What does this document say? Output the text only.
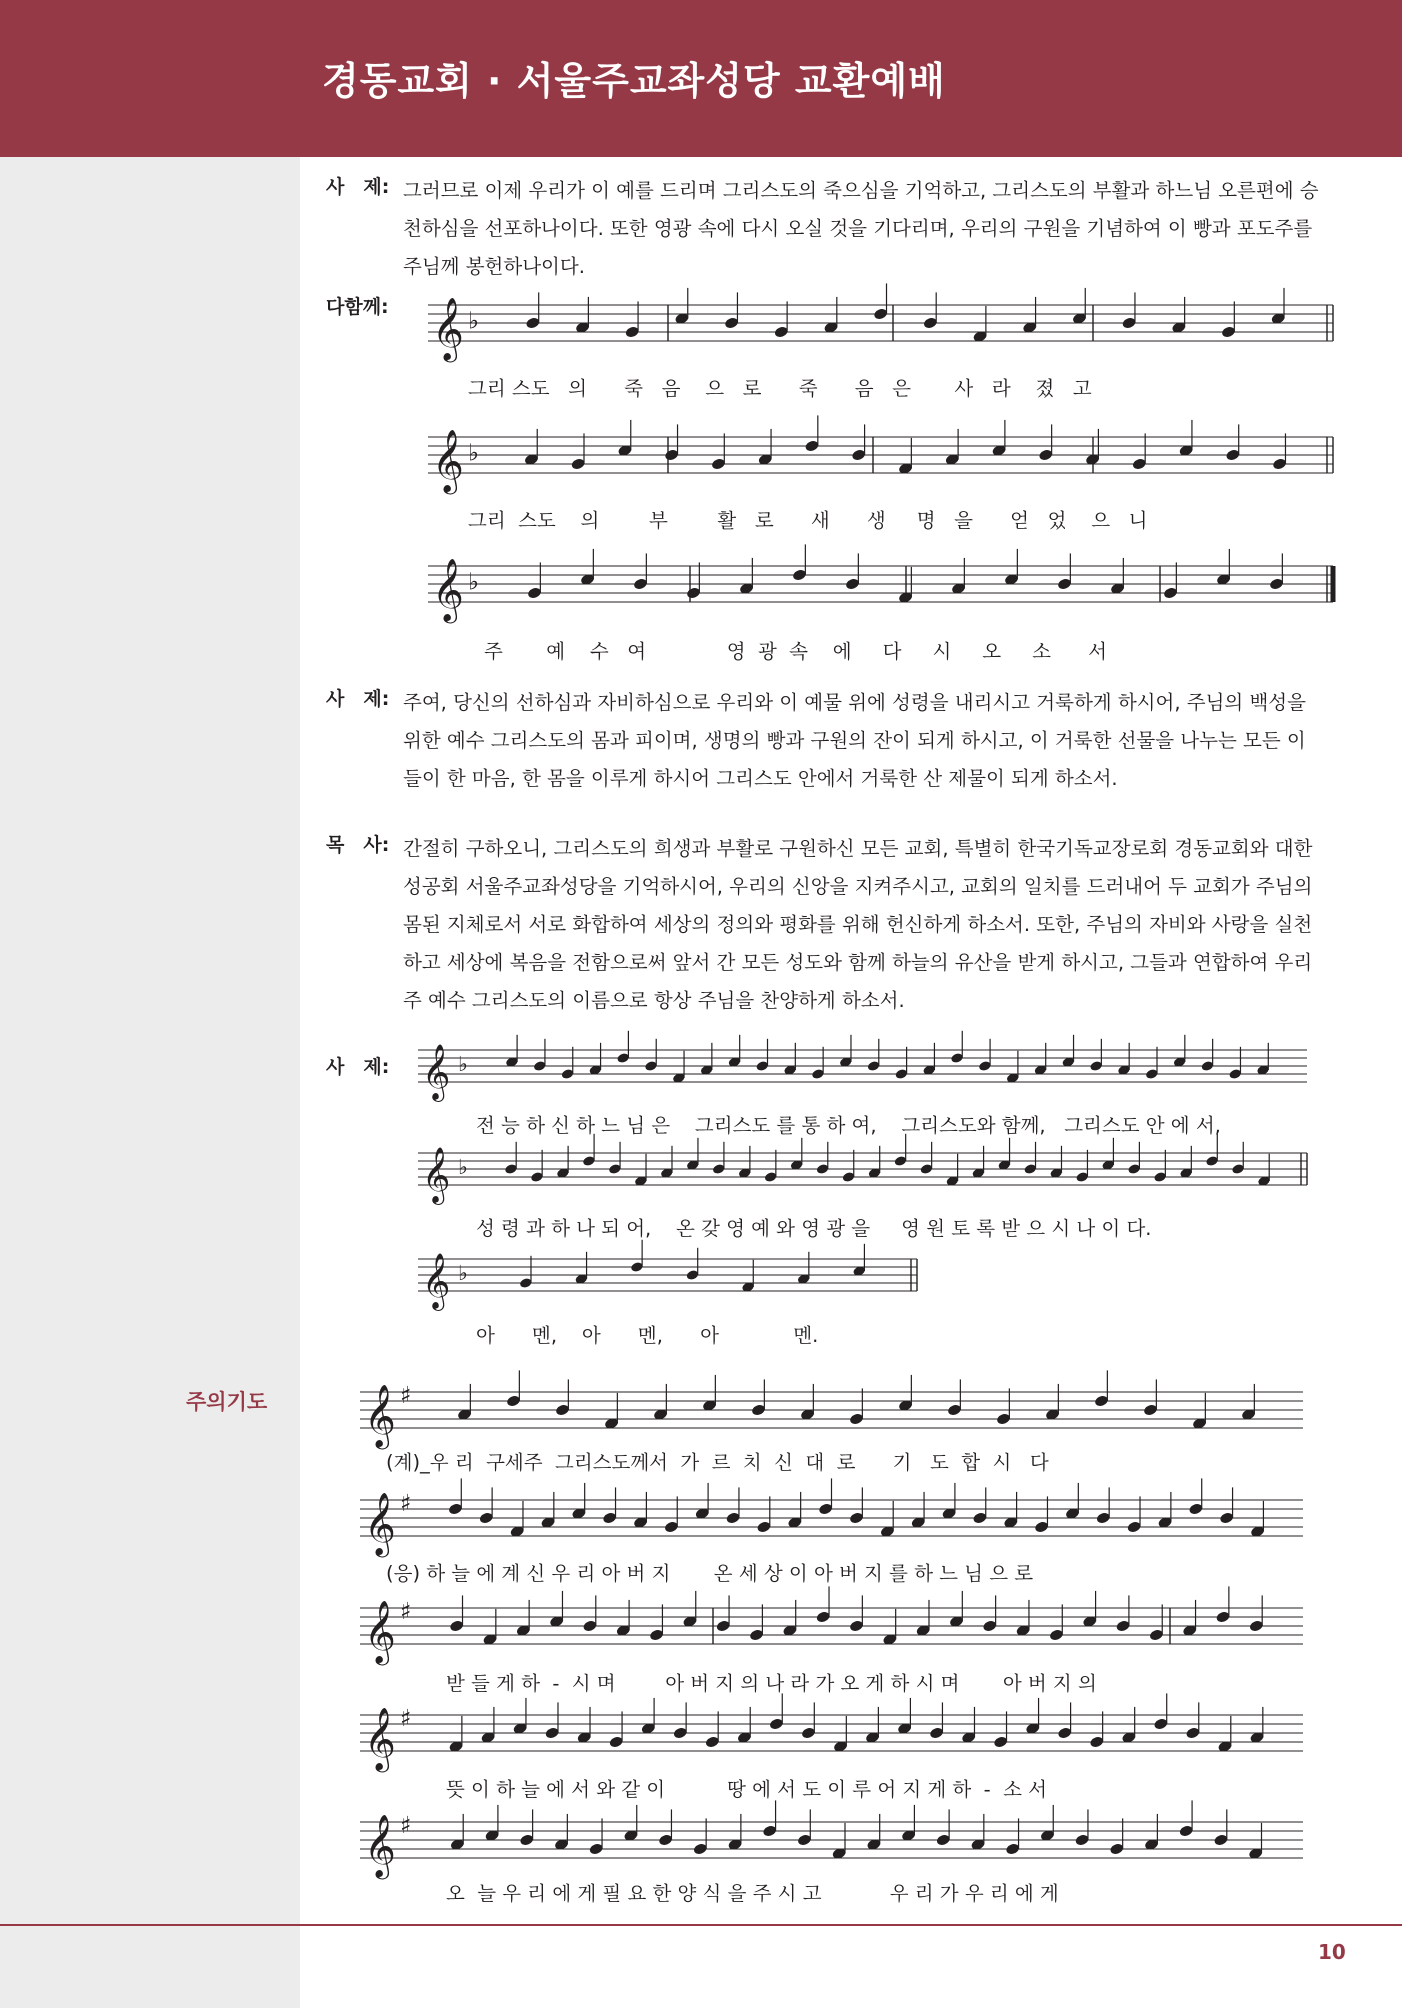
경동교회 · 서울주교좌성당 교환예배
주의기도
사　제: 그러므로 이제 우리가 이 예를 드리며 그리스도의 죽으심을 기억하고, 그리스도의 부활과 하느님 오른편에 승천하심을 선포하나이다. 또한 영광 속에 다시 오실 것을 기다리며, 우리의 구원을 기념하여 이 빵과 포도주를 주님께 봉헌하나이다.

다함께:
사　제: 주여, 당신의 선하심과 자비하심으로 우리와 이 예물 위에 성령을 내리시고 거룩하게 하시어, 주님의 백성을 위한 예수 그리스도의 몸과 피이며, 생명의 빵과 구원의 잔이 되게 하시고, 이 거룩한 선물을 나누는 모든 이들이 한 마음, 한 몸을 이루게 하시어 그리스도 안에서 거룩한 산 제물이 되게 하소서.

목　사: 간절히 구하오니, 그리스도의 희생과 부활로 구원하신 모든 교회, 특별히 한국기독교장로회 경동교회와 대한성공회 서울주교좌성당을 기억하시어, 우리의 신앙을 지켜주시고, 교회의 일치를 드러내어 두 교회가 주님의 몸된 지체로서 서로 화합하여 세상의 정의와 평화를 위해 헌신하게 하소서. 또한, 주님의 자비와 사랑을 실천하고 세상에 복음을 전함으로써 앞서 간 모든 성도와 함께 하늘의 유산을 받게 하시고, 그들과 연합하여 우리 주 예수 그리스도의 이름으로 항상 주님을 찬양하게 하소서.

사　제:
𝄞 ♭
𝄞 ♭
𝄞 ♭
𝄞 ♭
𝄞 ♭
𝄞 ♭
𝄞 ♯
𝄞 ♯
𝄞 ♯
𝄞 ♯
𝄞 ♯
그리 스도   의      죽   음    으   로      죽      음   은       사   라    졌   고
그리  스도    의        부        활   로      새      생     명   을      얻   었    으   니
주       예    수   여             영  광  속    에     다     시     오     소      서
전 능 하 신 하 느 님 은    그리스도 를 통 하 여,    그리스도와 함께,   그리스도 안 에 서,
성 령 과 하 나 되 어,    온 갖 영 예 와 영 광 을     영 원 토 록 받 으 시 나 이 다.
아      멘,    아      멘,      아            멘.
(계)_우 리  구세주  그리스도께서  가  르  치  신  대  로      기   도  합  시   다
(응) 하 늘 에 계 신 우 리 아 버 지       온 세 상 이 아 버 지 를 하 느 님 으 로
받 들 게 하  -  시 며        아 버 지 의 나 라 가 오 게 하 시 며       아 버 지 의
뜻 이 하 늘 에 서 와 같 이          땅 에 서 도 이 루 어 지 게 하  -  소 서
오  늘 우 리 에 게 필 요 한 양 식 을 주 시 고           우 리 가 우 리 에 게
10
